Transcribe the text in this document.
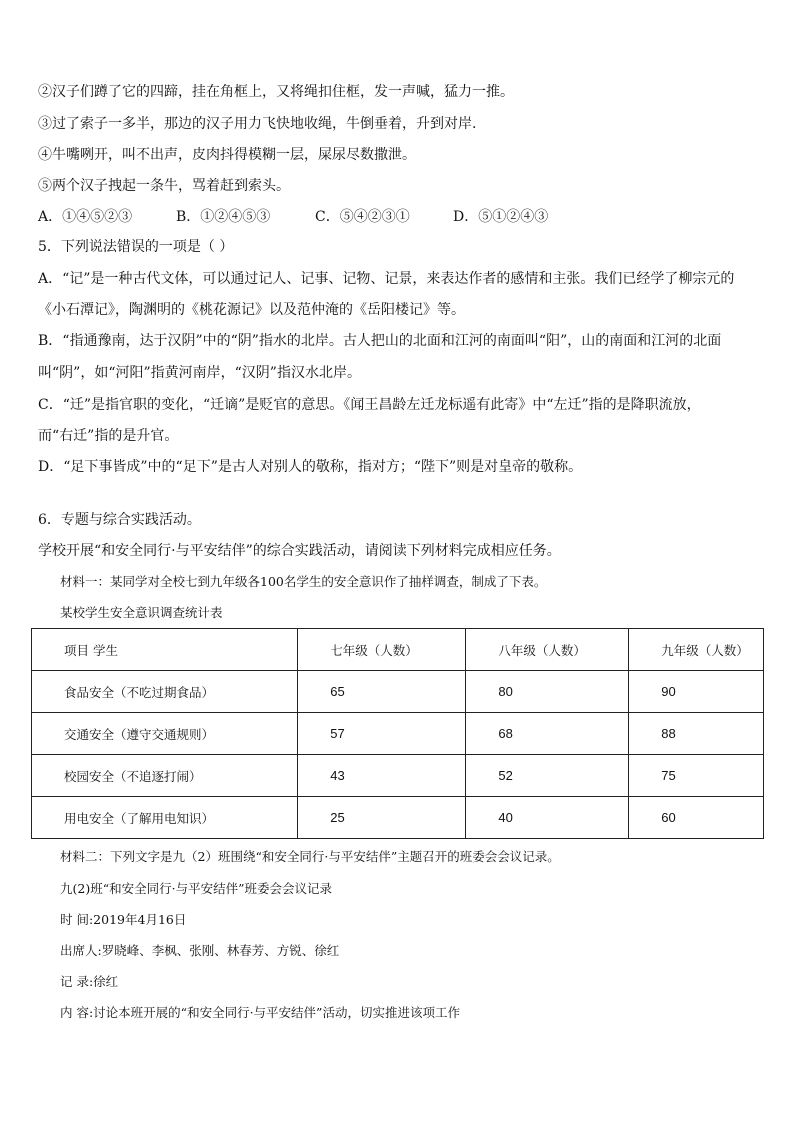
②汉子们蹲了它的四蹄，挂在角框上，又将绳扣住框，发一声喊，猛力一推。
③过了索子一多半，那边的汉子用力飞快地收绳，牛倒垂着，升到对岸.
④牛嘴咧开，叫不出声，皮肉抖得模糊一层，屎尿尽数撒泄。
⑤两个汉子拽起一条牛，骂着赶到索头。
A．①④⑤②③	B．①②④⑤③	C．⑤④②③①	D．⑤①②④③
5．下列说法错误的一项是（ ）
A．“记”是一种古代文体，可以通过记人、记事、记物、记景，来表达作者的感情和主张。我们已经学了柳宗元的
《小石潭记》，陶渊明的《桃花源记》以及范仲淹的《岳阳楼记》等。
B．“指通豫南，达于汉阴”中的“阴”指水的北岸。古人把山的北面和江河的南面叫“阳”，山的南面和江河的北面
叫“阴”，如“河阳”指黄河南岸，“汉阴”指汉水北岸。
C．“迁”是指官职的变化，“迁谪”是贬官的意思。《闻王昌龄左迁龙标遥有此寄》中“左迁”指的是降职流放，
而“右迁”指的是升官。
D．“足下事皆成”中的“足下”是古人对别人的敬称，指对方；“陛下”则是对皇帝的敬称。
6．专题与综合实践活动。
学校开展“和安全同行·与平安结伴”的综合实践活动，请阅读下列材料完成相应任务。
材料一：某同学对全校七到九年级各100名学生的安全意识作了抽样调查，制成了下表。
某校学生安全意识调查统计表
项目 学生	七年级（人数）	八年级（人数）	九年级（人数）
食品安全（不吃过期食品）	65	80	90
交通安全（遵守交通规则）	57	68	88
校园安全（不追逐打闹）	43	52	75
用电安全（了解用电知识）	25	40	60
材料二：下列文字是九（2）班围绕“和安全同行·与平安结伴”主题召开的班委会会议记录。
九(2)班“和安全同行·与平安结伴”班委会会议记录
时 间:2019年4月16日
出席人:罗晓峰、李枫、张刚、林春芳、方锐、徐红
记 录:徐红
内 容:讨论本班开展的“和安全同行·与平安结伴”活动，切实推进该项工作
